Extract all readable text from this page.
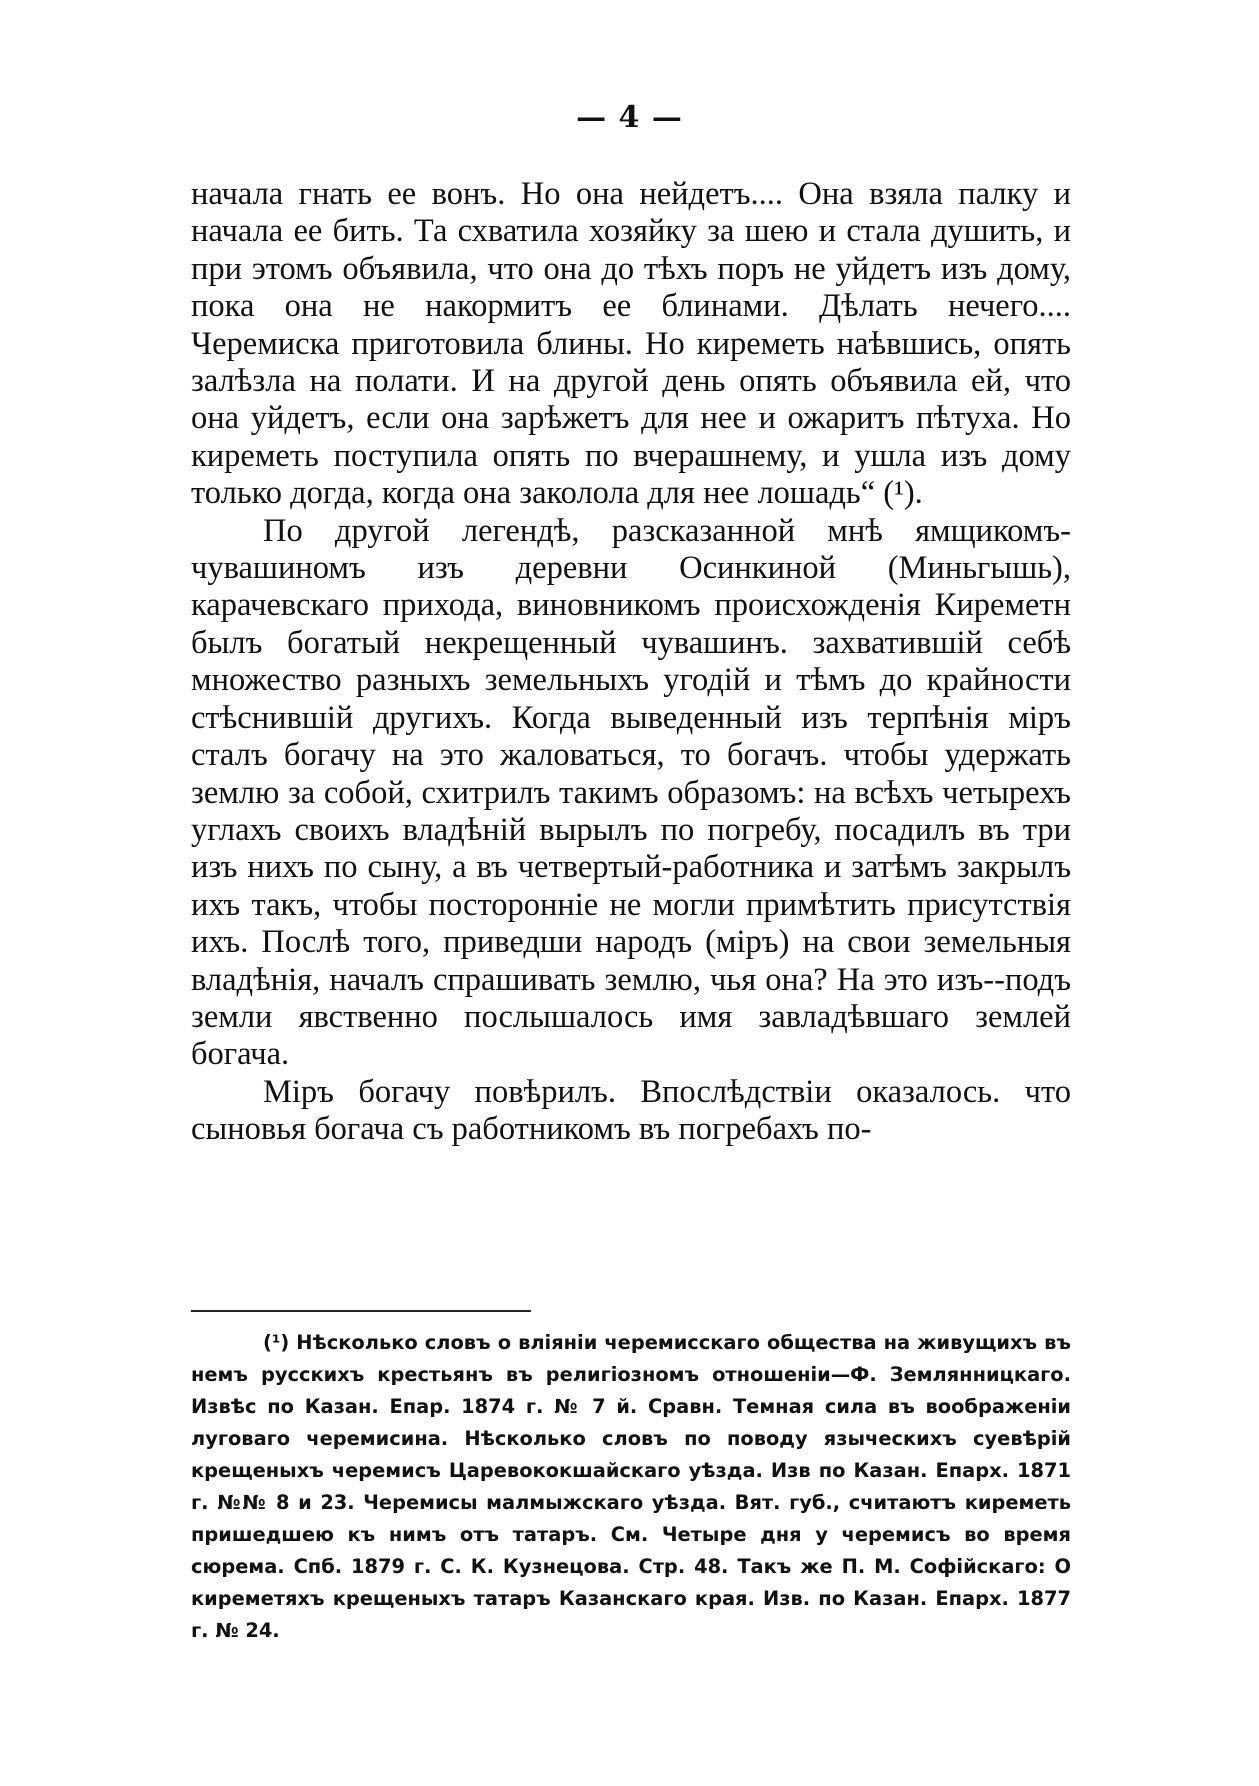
— 4 —

начала гнать ее вонъ. Но она нейдетъ.... Она взяла палку и начала ее бить. Та схватила хозяйку за шею и стала душить, и при этомъ объявила, что она до тѣхъ поръ не уйдетъ изъ дому, пока она не накормитъ ее блинами. Дѣлать нечего.... Черемиска приготовила блины. Но киреметь наѣвшись, опять залѣзла на полати. И на другой день опять объявила ей, что она уйдетъ, если она зарѣжетъ для нее и ожаритъ пѣтуха. Но киреметь поступила опять по вчерашнему, и ушла изъ дому только догда, когда она заколола для нее лошадь“ (¹).

По другой легендѣ, разсказанной мнѣ ямщикомъ-чувашиномъ изъ деревни Осинкиной (Миньгышь), карачевскаго прихода, виновникомъ происхожденія Киреметн былъ богатый некрещенный чувашинъ. захватившій себѣ множество разныхъ земельныхъ угодій и тѣмъ до крайности стѣснившій другихъ. Когда выведенный изъ терпѣнія міръ сталъ богачу на это жаловаться, то богачъ. чтобы удержать землю за собой, схитрилъ такимъ образомъ: на всѣхъ четырехъ углахъ своихъ владѣній вырылъ по погребу, посадилъ въ три изъ нихъ по сыну, а въ четвертый-работника и затѣмъ закрылъ ихъ такъ, чтобы посторонніе не могли примѣтить присутствія ихъ. Послѣ того, приведши народъ (міръ) на свои земельныя владѣнія, началъ спрашивать землю, чья она? На это изъ--подъ земли явственно послышалось имя завладѣвшаго землей богача.

Міръ богачу повѣрилъ. Впослѣдствіи оказалось. что сыновья богача съ работникомъ въ погребахъ по-

(¹) Нѣсколько словъ о вліяніи черемисскаго общества на живущихъ въ немъ русскихъ крестьянъ въ религіозномъ отношеніи—Ф. Землянницкаго. Извѣс по Казан. Епар. 1874 г. № 7 й. Сравн. Темная сила въ воображеніи луговаго черемисина. Нѣсколько словъ по поводу языческихъ суевѣрій крещеныхъ черемисъ Царевококшайскаго уѣзда. Изв по Казан. Епарх. 1871 г. №№ 8 и 23. Черемисы малмыжскаго уѣзда. Вят. губ., считаютъ киреметь пришедшею къ нимъ отъ татаръ. См. Четыре дня у черемисъ во время сюрема. Спб. 1879 г. С. К. Кузнецова. Стр. 48. Такъ же П. М. Софійскаго: О киреметяхъ крещеныхъ татаръ Казанскаго края. Изв. по Казан. Епарх. 1877 г. № 24.
